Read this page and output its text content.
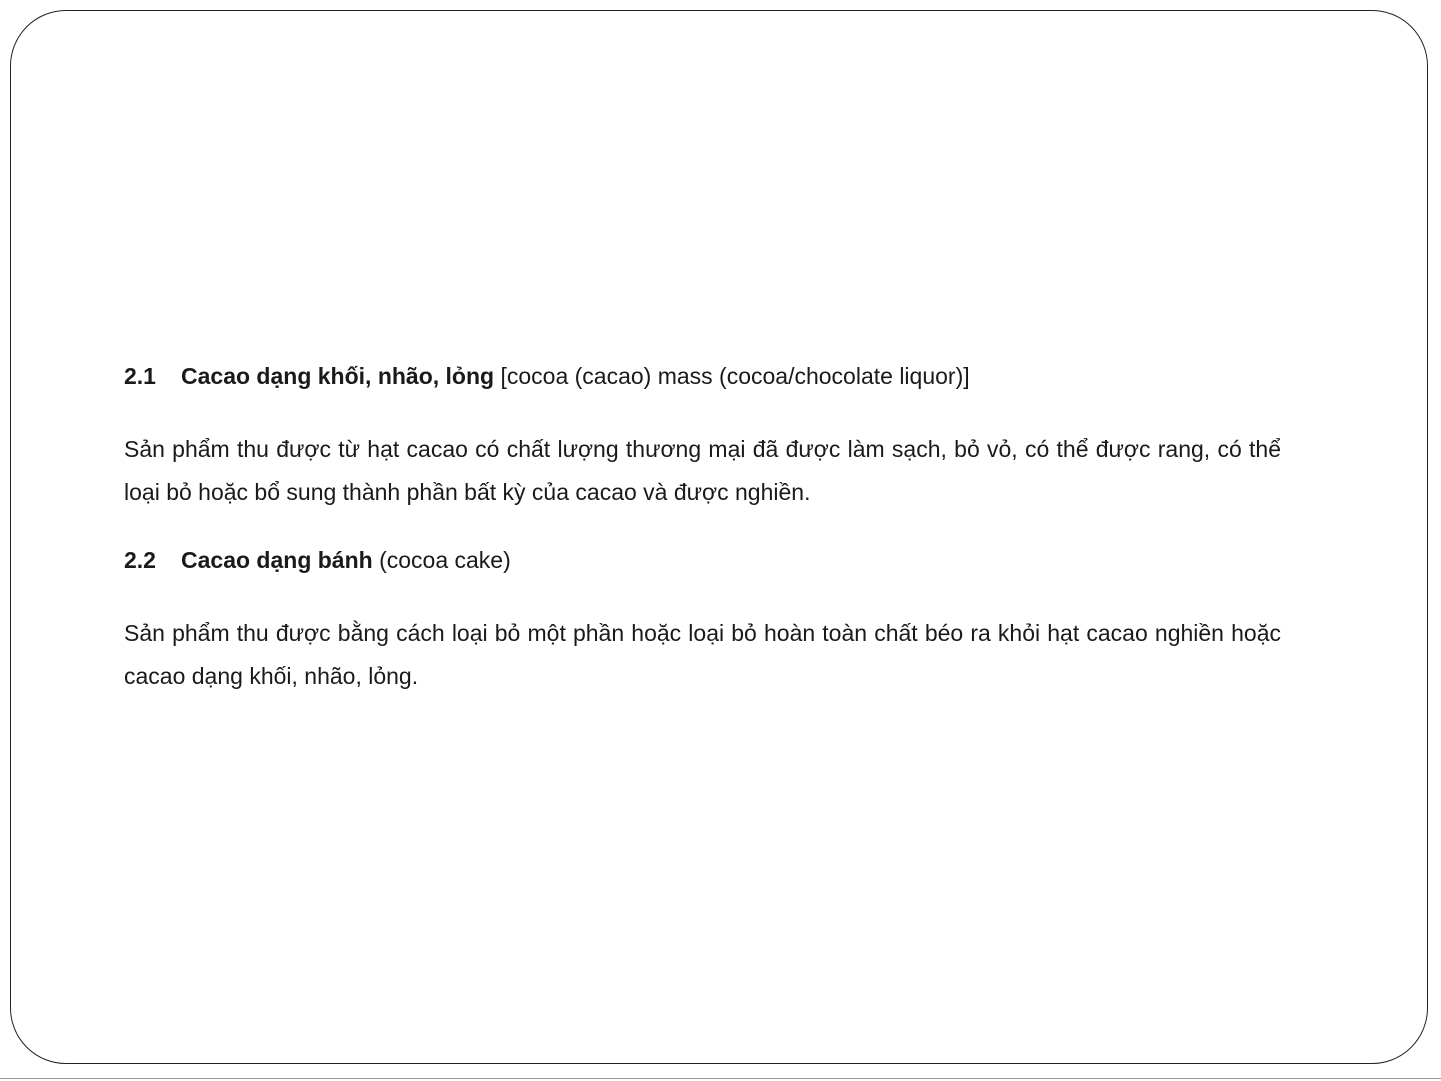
2.1 Cacao dạng khối, nhão, lỏng [cocoa (cacao) mass (cocoa/chocolate liquor)]

Sản phẩm thu được từ hạt cacao có chất lượng thương mại đã được làm sạch, bỏ vỏ, có thể được rang, có thể loại bỏ hoặc bổ sung thành phần bất kỳ của cacao và được nghiền.

2.2 Cacao dạng bánh (cocoa cake)

Sản phẩm thu được bằng cách loại bỏ một phần hoặc loại bỏ hoàn toàn chất béo ra khỏi hạt cacao nghiền hoặc cacao dạng khối, nhão, lỏng.
